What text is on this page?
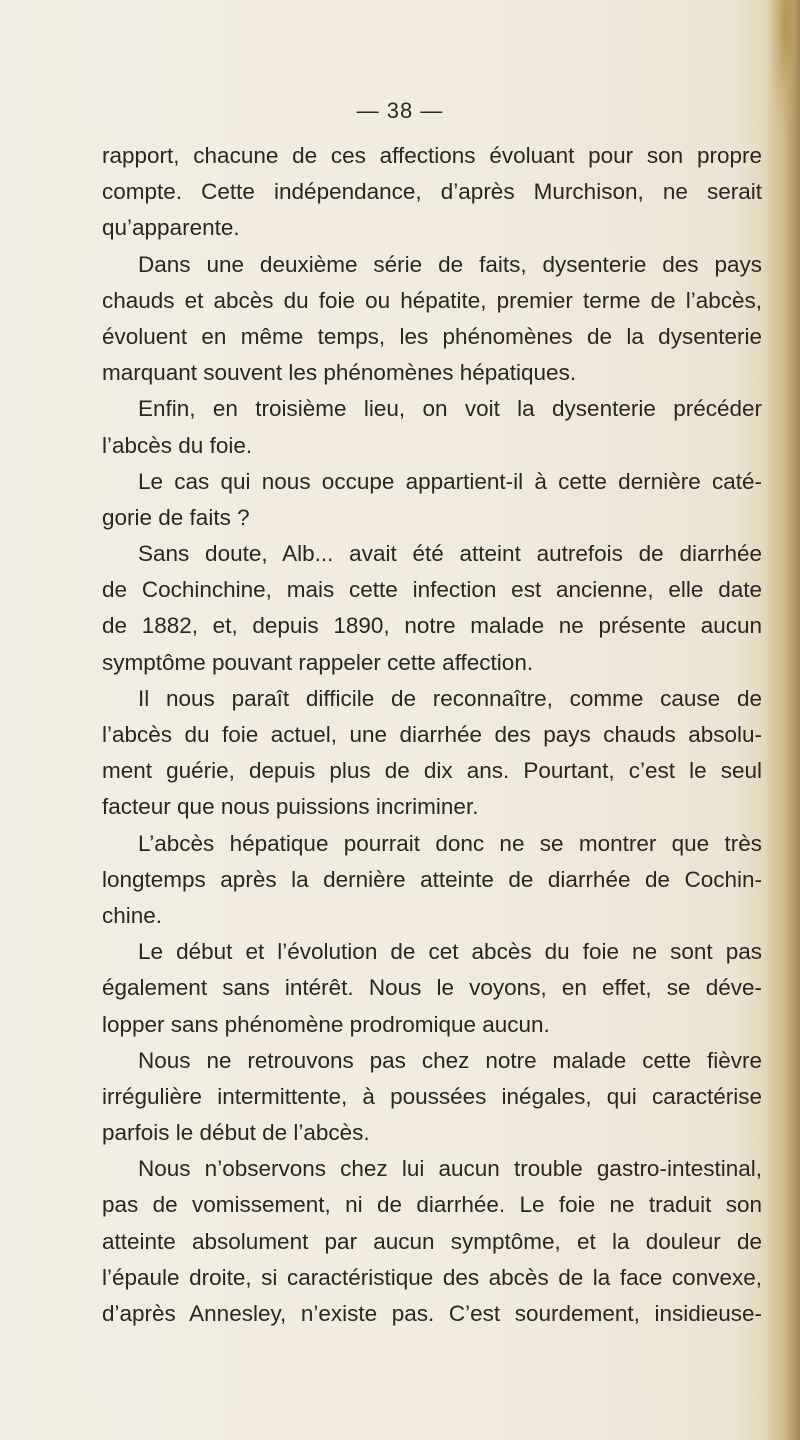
— 38 —
rapport, chacune de ces affections évoluant pour son propre
compte. Cette indépendance, d’après Murchison, ne serait
qu’apparente.
Dans une deuxième série de faits, dysenterie des pays
chauds et abcès du foie ou hépatite, premier terme de l’abcès,
évoluent en même temps, les phénomènes de la dysenterie
marquant souvent les phénomènes hépatiques.
Enfin, en troisième lieu, on voit la dysenterie précéder
l’abcès du foie.
Le cas qui nous occupe appartient-il à cette dernière caté-
gorie de faits ?
Sans doute, Alb... avait été atteint autrefois de diarrhée
de Cochinchine, mais cette infection est ancienne, elle date
de 1882, et, depuis 1890, notre malade ne présente aucun
symptôme pouvant rappeler cette affection.
Il nous paraît difficile de reconnaître, comme cause de
l’abcès du foie actuel, une diarrhée des pays chauds absolu-
ment guérie, depuis plus de dix ans. Pourtant, c’est le seul
facteur que nous puissions incriminer.
L’abcès hépatique pourrait donc ne se montrer que très
longtemps après la dernière atteinte de diarrhée de Cochin-
chine.
Le début et l’évolution de cet abcès du foie ne sont pas
également sans intérêt. Nous le voyons, en effet, se déve-
lopper sans phénomène prodromique aucun.
Nous ne retrouvons pas chez notre malade cette fièvre
irrégulière intermittente, à poussées inégales, qui caractérise
parfois le début de l’abcès.
Nous n’observons chez lui aucun trouble gastro-intestinal,
pas de vomissement, ni de diarrhée. Le foie ne traduit son
atteinte absolument par aucun symptôme, et la douleur de
l’épaule droite, si caractéristique des abcès de la face convexe,
d’après Annesley, n’existe pas. C’est sourdement, insidieuse-
